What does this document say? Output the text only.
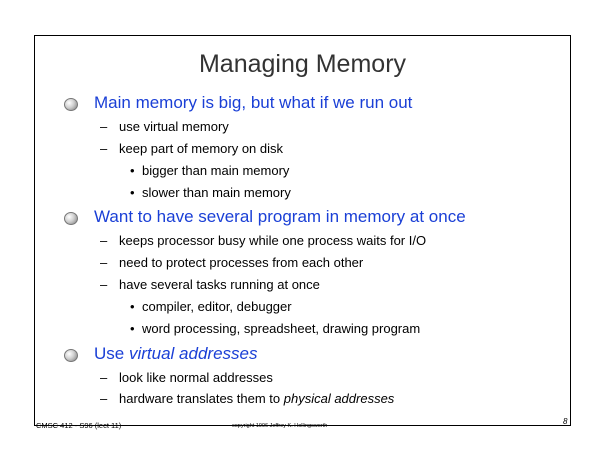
Managing Memory
Main memory is big, but what if we run out
– use virtual memory
– keep part of memory on disk
• bigger than main memory
• slower than main memory
Want to have several program in memory at once
– keeps processor busy while one process waits for I/O
– need to protect processes from each other
– have several tasks running at once
• compiler, editor, debugger
• word processing, spreadsheet, drawing program
Use virtual addresses
– look like normal addresses
– hardware translates them to physical addresses
CMSC 412 - S96 (lect 11)	copyright 1996 Jeffrey K. Hollingsworth	8
